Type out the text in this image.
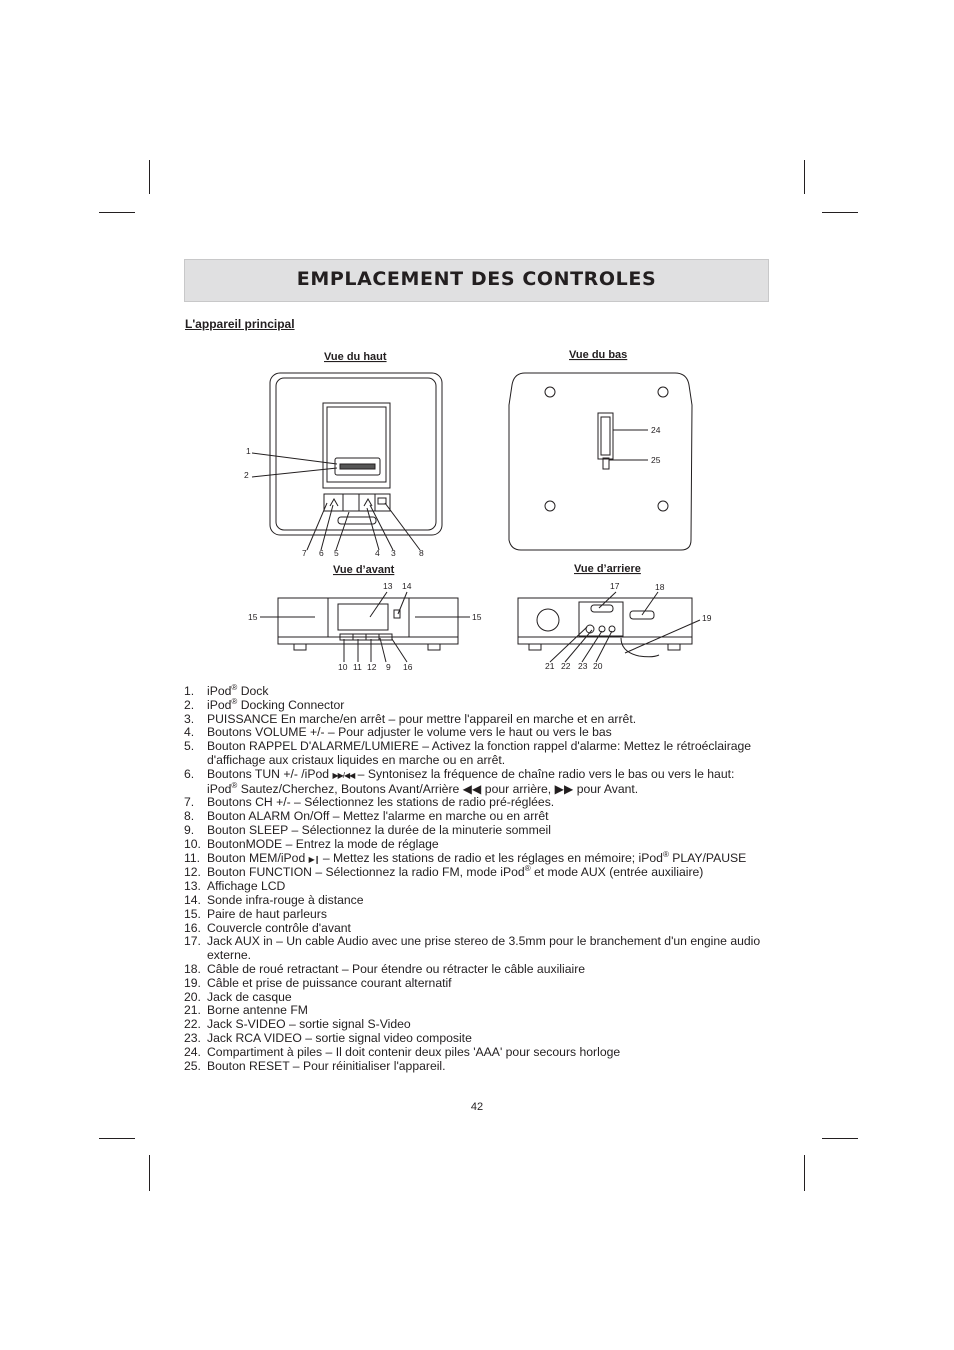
EMPLACEMENT DES CONTROLES
L'appareil principal
Vue du haut	Vue du bas
Vue d’avant	Vue d’arriere
1
2
7 6 5	4 3	8
24
25
13 14
15	15
10 11 12 9 16
17	18
19
21 22 23 20
1. iPod® Dock
2. iPod® Docking Connector
3. PUISSANCE En marche/en arrêt – pour mettre l'appareil en marche et en arrêt.
4. Boutons VOLUME +/- – Pour adjuster le volume vers le haut ou vers le bas
5. Bouton RAPPEL D'ALARME/LUMIERE – Activez la fonction rappel d'alarme: Mettez le rétroéclairage
d'affichage aux cristaux liquides en marche ou en arrêt.
6. Boutons TUN +/- /iPod ▶▶/◀◀ – Syntonisez la fréquence de chaîne radio vers le bas ou vers le haut:
iPod® Sautez/Cherchez, Boutons Avant/Arrière ◀◀ pour arrière, ▶▶ pour Avant.
7. Boutons CH +/- – Sélectionnez les stations de radio pré-réglées.
8. Bouton ALARM On/Off – Mettez l'alarme en marche ou en arrêt
9. Bouton SLEEP – Sélectionnez la durée de la minuterie sommeil
10. BoutonMODE – Entrez la mode de réglage
11. Bouton MEM/iPod ▶❙ – Mettez les stations de radio et les réglages en mémoire; iPod® PLAY/PAUSE
12. Bouton FUNCTION – Sélectionnez la radio FM, mode iPod® et mode AUX (entrée auxiliaire)
13. Affichage LCD
14. Sonde infra-rouge à distance
15. Paire de haut parleurs
16. Couvercle contrôle d'avant
17. Jack AUX in – Un cable Audio avec une prise stereo de 3.5mm pour le branchement d'un engine audio
externe.
18. Câble de roué retractant – Pour étendre ou rétracter le câble auxiliaire
19. Câble et prise de puissance courant alternatif
20. Jack de casque
21. Borne antenne FM
22. Jack S-VIDEO – sortie signal S-Video
23. Jack RCA VIDEO – sortie signal video composite
24. Compartiment à piles – Il doit contenir deux piles 'AAA' pour secours horloge
25. Bouton RESET – Pour réinitialiser l'appareil.
42
